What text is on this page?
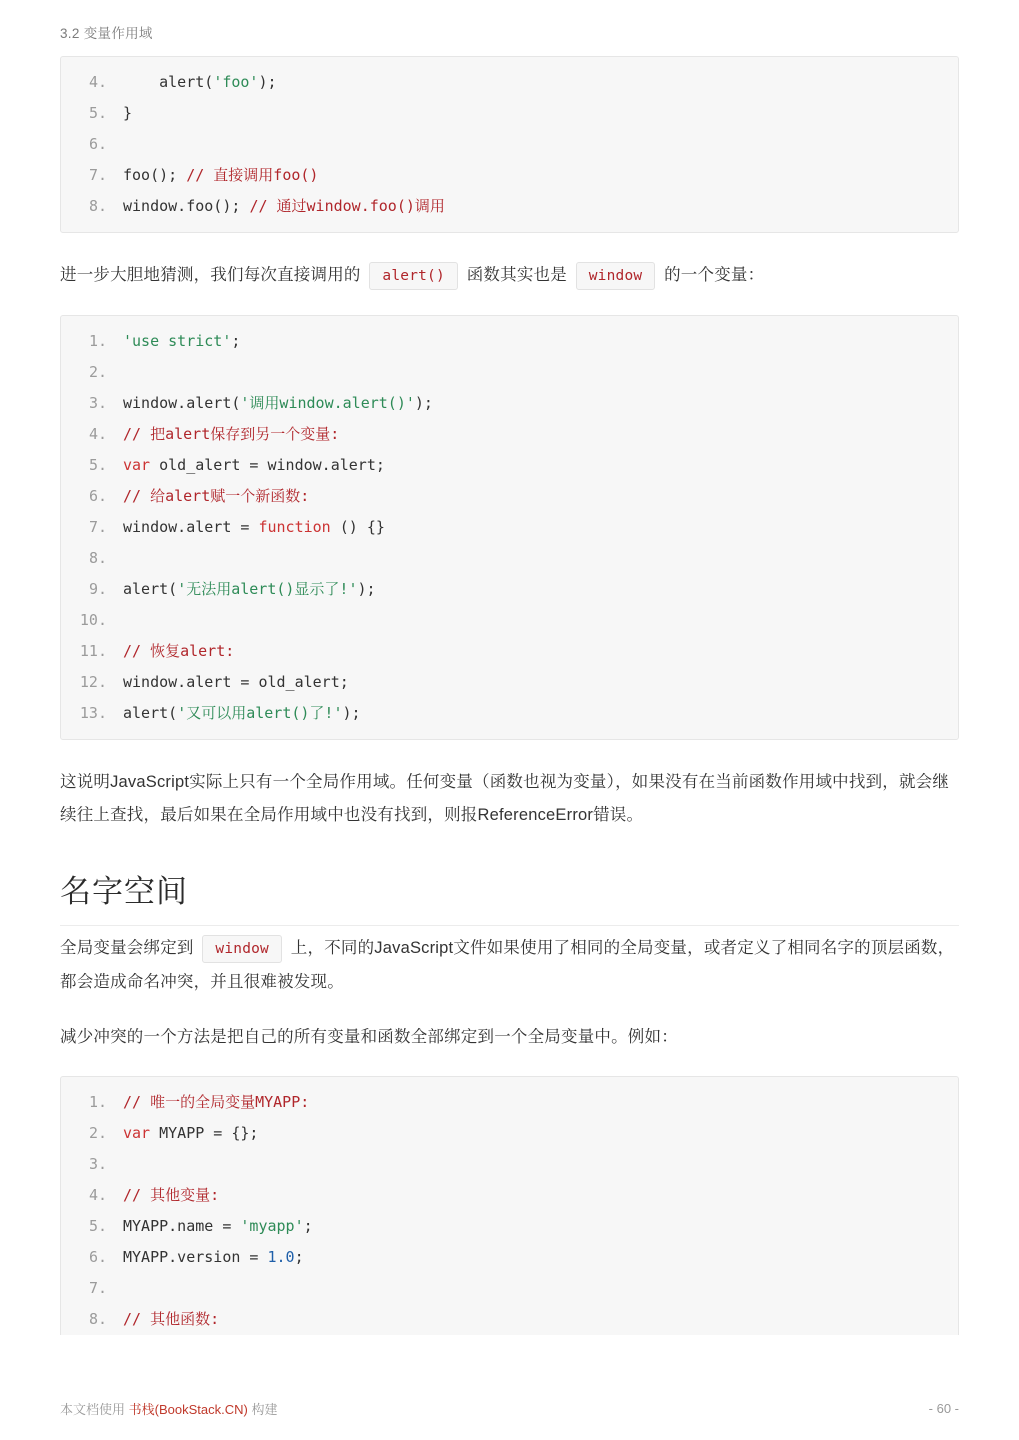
3.2 变量作用域
4.	alert('foo');
5.	}
6.
7.	foo(); // 直接调用foo()
8.	window.foo(); // 通过window.foo()调用

进一步大胆地猜测，我们每次直接调用的 alert() 函数其实也是 window 的一个变量：

1.	'use strict';
2.
3.	window.alert('调用window.alert()');
4.	// 把alert保存到另一个变量:
5.	var old_alert = window.alert;
6.	// 给alert赋一个新函数:
7.	window.alert = function () {}
8.
9.	alert('无法用alert()显示了!');
10.
11.	// 恢复alert:
12.	window.alert = old_alert;
13.	alert('又可以用alert()了!');

这说明JavaScript实际上只有一个全局作用域。任何变量（函数也视为变量），如果没有在当前函数作用域中找到，就会继续往上查找，最后如果在全局作用域中也没有找到，则报ReferenceError错误。

名字空间

全局变量会绑定到 window 上，不同的JavaScript文件如果使用了相同的全局变量，或者定义了相同名字的顶层函数，都会造成命名冲突，并且很难被发现。

减少冲突的一个方法是把自己的所有变量和函数全部绑定到一个全局变量中。例如：

1.	// 唯一的全局变量MYAPP:
2.	var MYAPP = {};
3.
4.	// 其他变量:
5.	MYAPP.name = 'myapp';
6.	MYAPP.version = 1.0;
7.
8.	// 其他函数:
本文档使用 书栈(BookStack.CN) 构建	- 60 -
